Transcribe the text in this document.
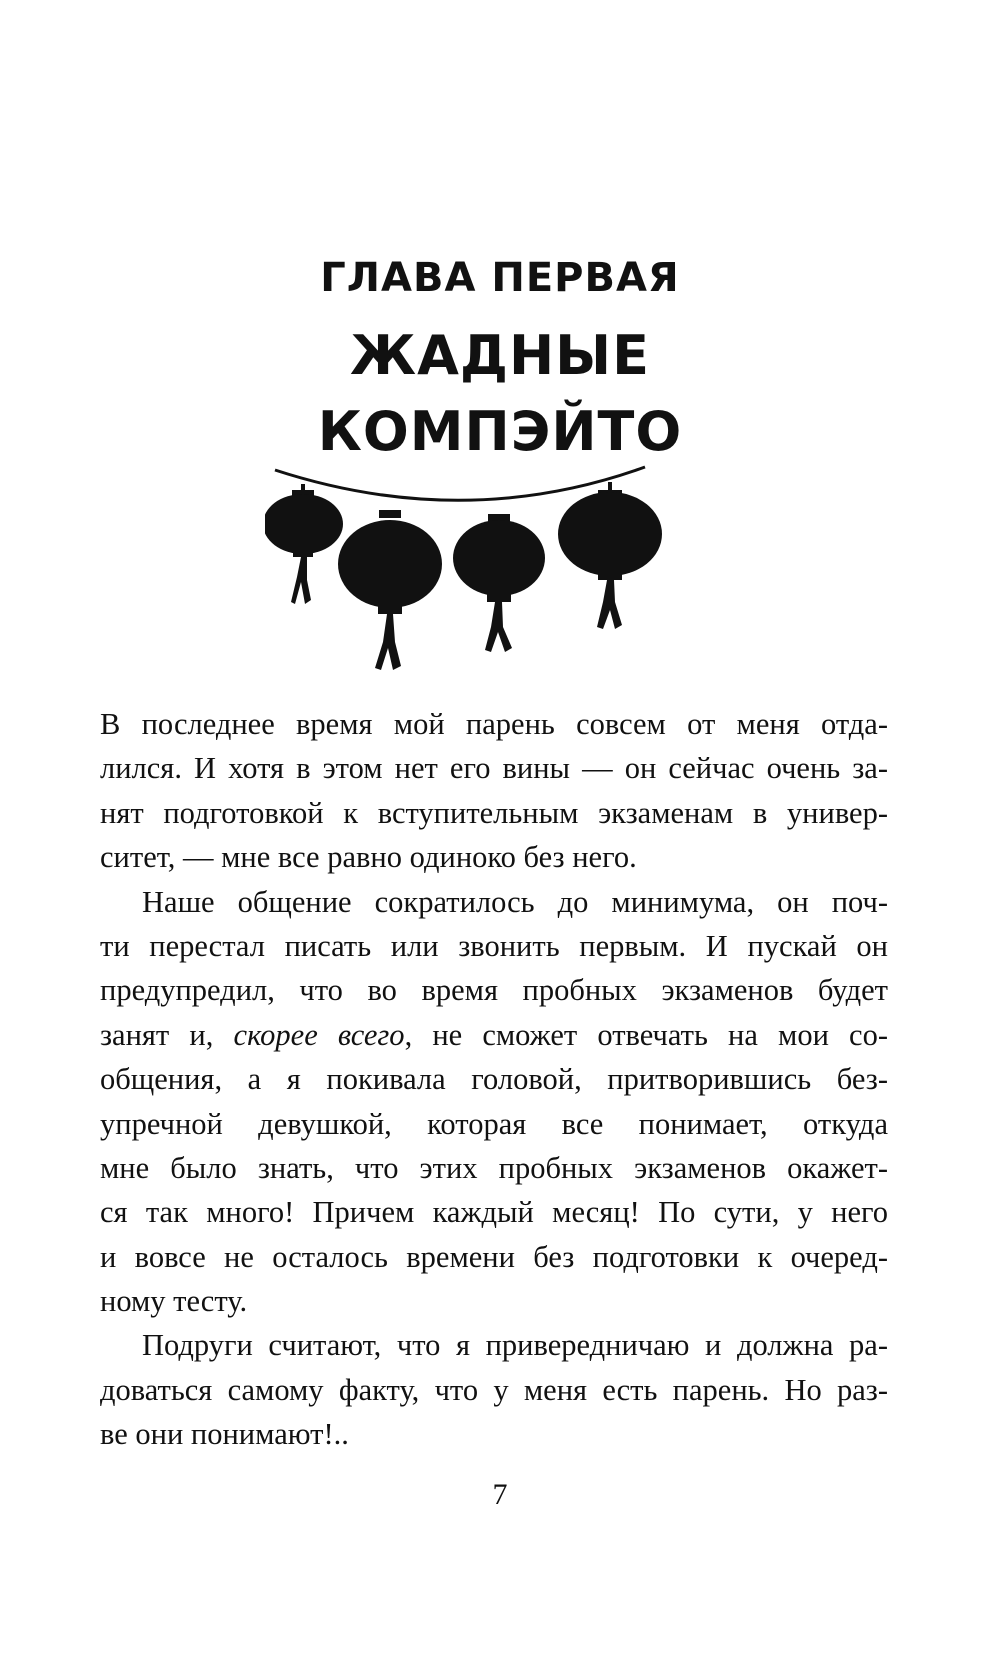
ГЛАВА ПЕРВАЯ
ЖАДНЫЕ
КОМПЭЙТО
В последнее время мой парень совсем от меня отда-
лился. И хотя в этом нет его вины — он сейчас очень за-
нят подготовкой к вступительным экзаменам в универ-
ситет, — мне все равно одиноко без него.
Наше общение сократилось до минимума, он поч-
ти перестал писать или звонить первым. И пускай он
предупредил, что во время пробных экзаменов будет
занят и, скорее всего, не сможет отвечать на мои со-
общения, а я покивала головой, притворившись без-
упречной девушкой, которая все понимает, откуда
мне было знать, что этих пробных экзаменов окажет-
ся так много! Причем каждый месяц! По сути, у него
и вовсе не осталось времени без подготовки к очеред-
ному тесту.
Подруги считают, что я привередничаю и должна ра-
доваться самому факту, что у меня есть парень. Но раз-
ве они понимают!..
7
